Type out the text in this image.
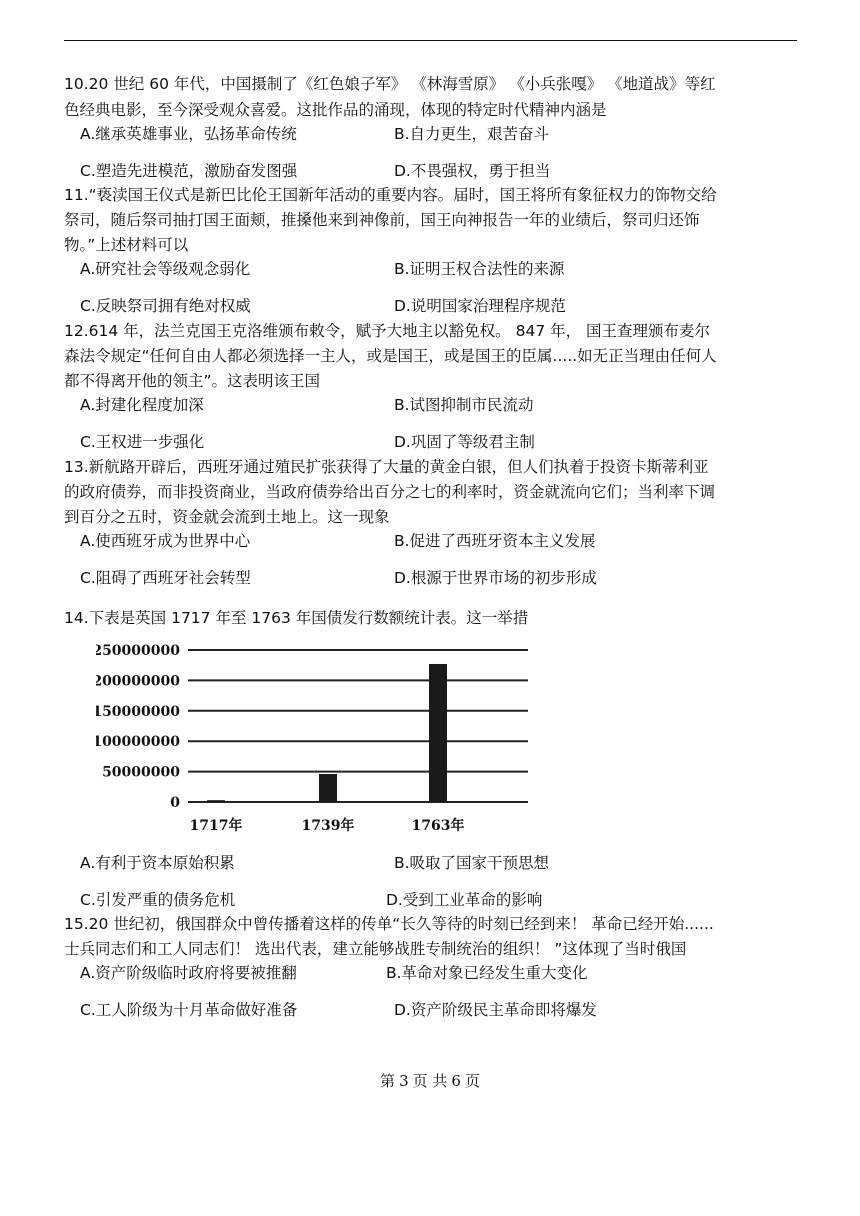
10.20 世纪 60 年代，中国摄制了《红色娘子军》 《林海雪原》 《小兵张嘎》 《地道战》等红
色经典电影，至今深受观众喜爱。这批作品的涌现，体现的特定时代精神内涵是
A.继承英雄事业，弘扬革命传统	B.自力更生，艰苦奋斗
C.塑造先进模范，激励奋发图强	D.不畏强权，勇于担当
11.“亵渎国王仪式是新巴比伦王国新年活动的重要内容。届时，国王将所有象征权力的饰物交给
祭司，随后祭司抽打国王面颊，推搡他来到神像前，国王向神报告一年的业绩后，祭司归还饰
物。”上述材料可以
A.研究社会等级观念弱化	B.证明王权合法性的来源
C.反映祭司拥有绝对权威	D.说明国家治理程序规范
12.614 年，法兰克国王克洛维颁布敕令，赋予大地主以豁免权。 847 年， 国王查理颁布麦尔
森法令规定“任何自由人都必须选择一主人，或是国王，或是国王的臣属.....如无正当理由任何人
都不得离开他的领主”。这表明该王国
A.封建化程度加深	B.试图抑制市民流动
C.王权进一步强化	D.巩固了等级君主制
13.新航路开辟后，西班牙通过殖民扩张获得了大量的黄金白银，但人们执着于投资卡斯蒂利亚
的政府债券，而非投资商业，当政府债券给出百分之七的利率时，资金就流向它们；当利率下调
到百分之五时，资金就会流到土地上。这一现象
A.使西班牙成为世界中心	B.促进了西班牙资本主义发展
C.阻碍了西班牙社会转型	D.根源于世界市场的初步形成
14.下表是英国 1717 年至 1763 年国债发行数额统计表。这一举措
0
50000000
100000000
150000000
200000000
250000000
1717年	1739年	1763年
A.有利于资本原始积累	B.吸取了国家干预思想
C.引发严重的债务危机	D.受到工业革命的影响
15.20 世纪初，俄国群众中曾传播着这样的传单“长久等待的时刻已经到来！ 革命已经开始......
士兵同志们和工人同志们！ 选出代表，建立能够战胜专制统治的组织！ ”这体现了当时俄国
A.资产阶级临时政府将要被推翻	B.革命对象已经发生重大变化
C.工人阶级为十月革命做好准备	D.资产阶级民主革命即将爆发
第 3 页 共 6 页
